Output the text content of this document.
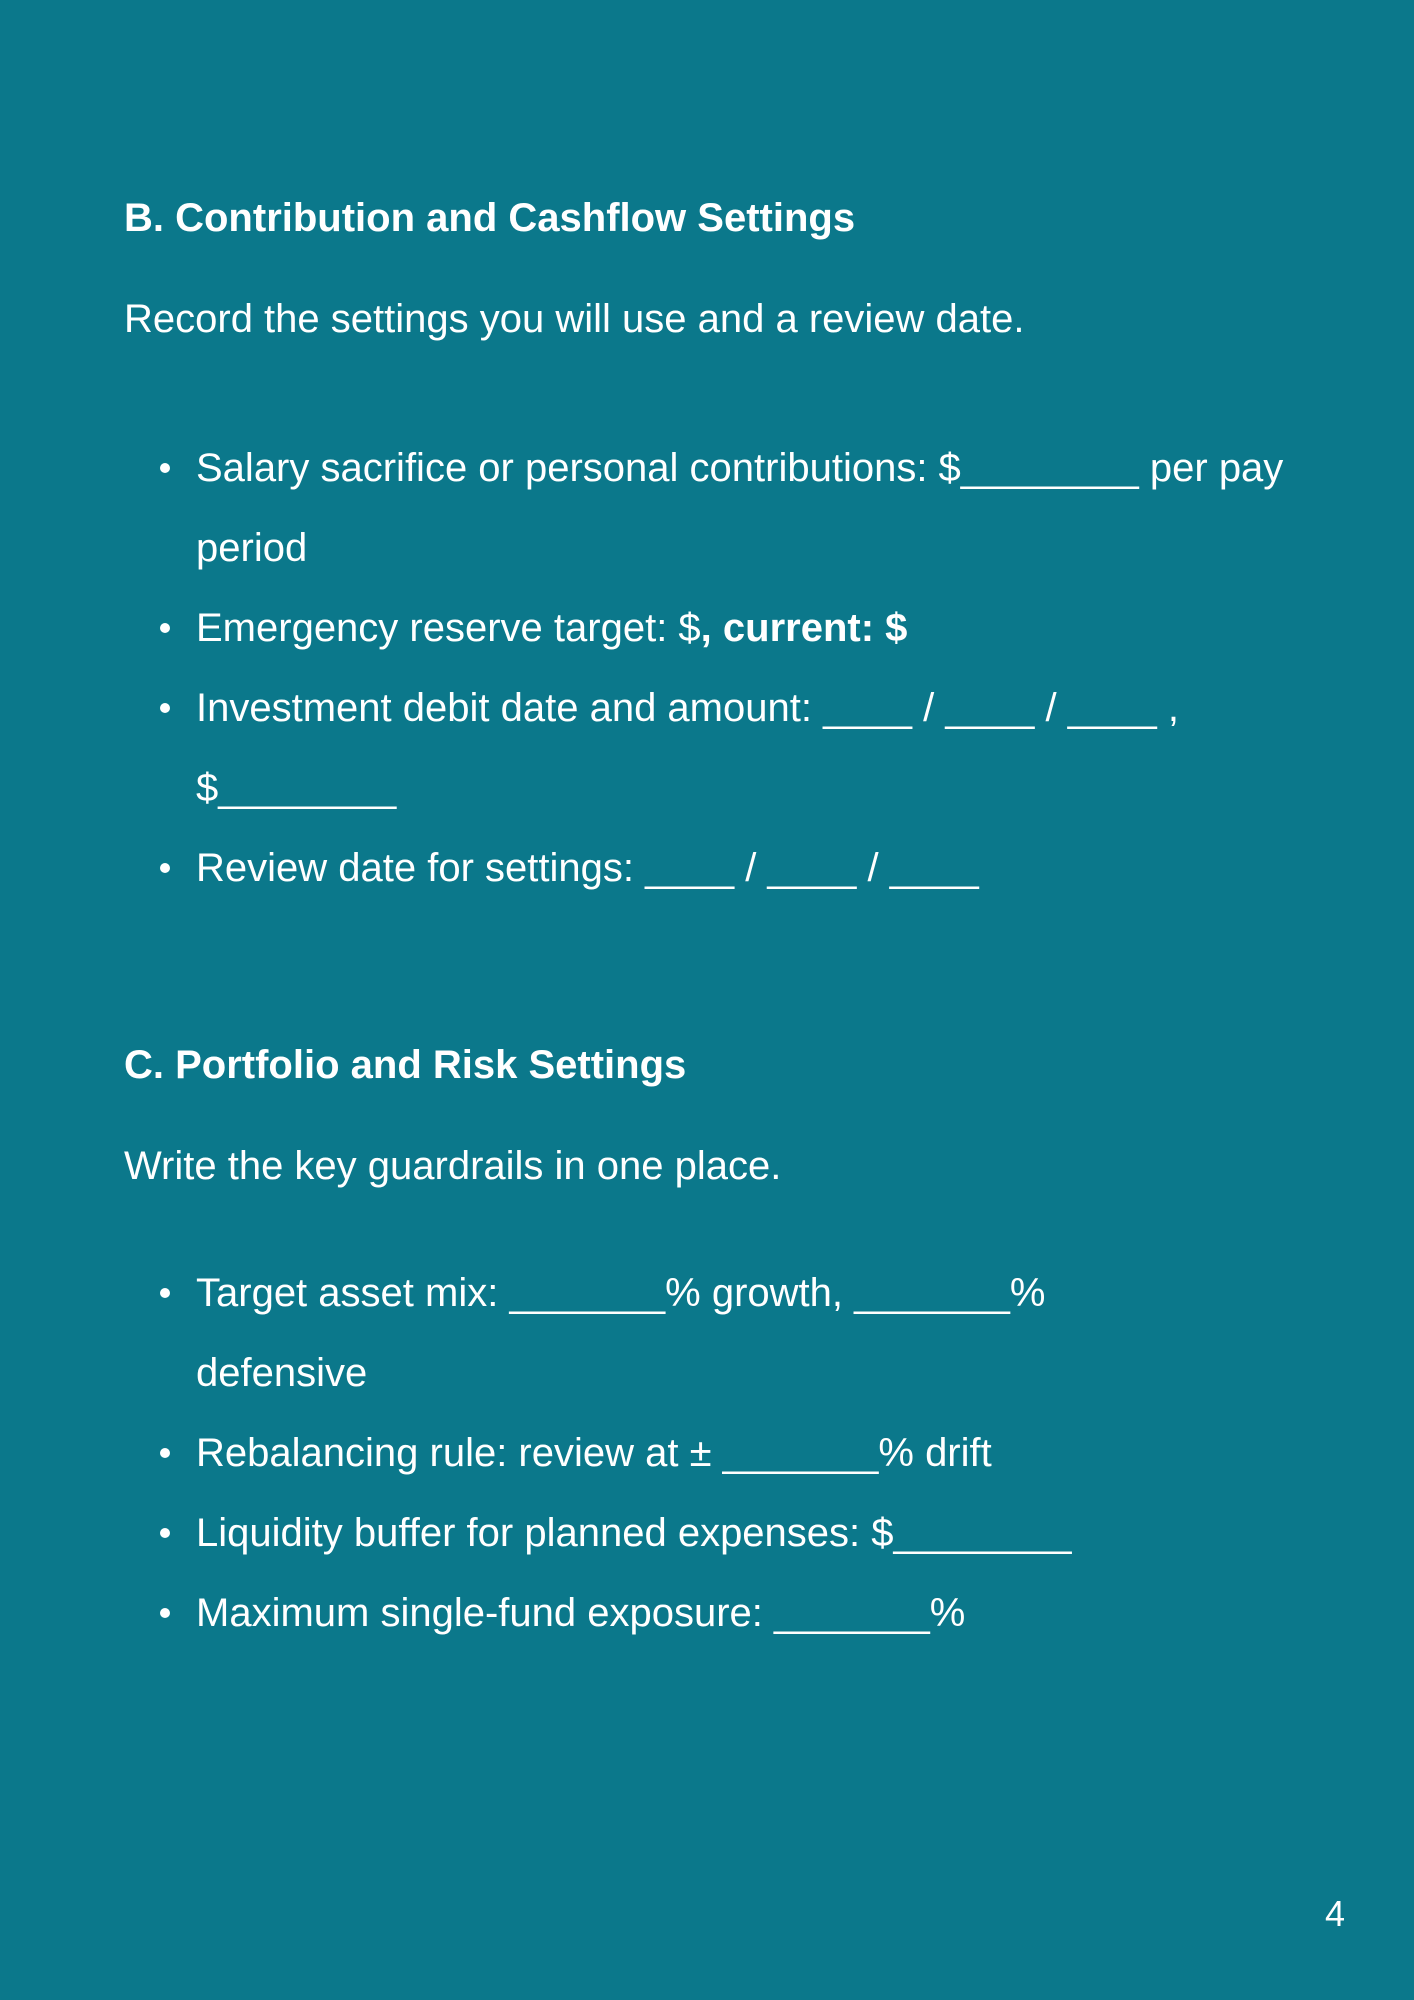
B. Contribution and Cashflow Settings

Record the settings you will use and a review date.

Salary sacrifice or personal contributions: $________ per pay period
Emergency reserve target: $, current: $
Investment debit date and amount: ____ / ____ / ____ , $________
Review date for settings: ____ / ____ / ____
C. Portfolio and Risk Settings

Write the key guardrails in one place.

Target asset mix: _______% growth, _______% defensive
Rebalancing rule: review at ± _______% drift
Liquidity buffer for planned expenses: $________
Maximum single-fund exposure: _______%
4
